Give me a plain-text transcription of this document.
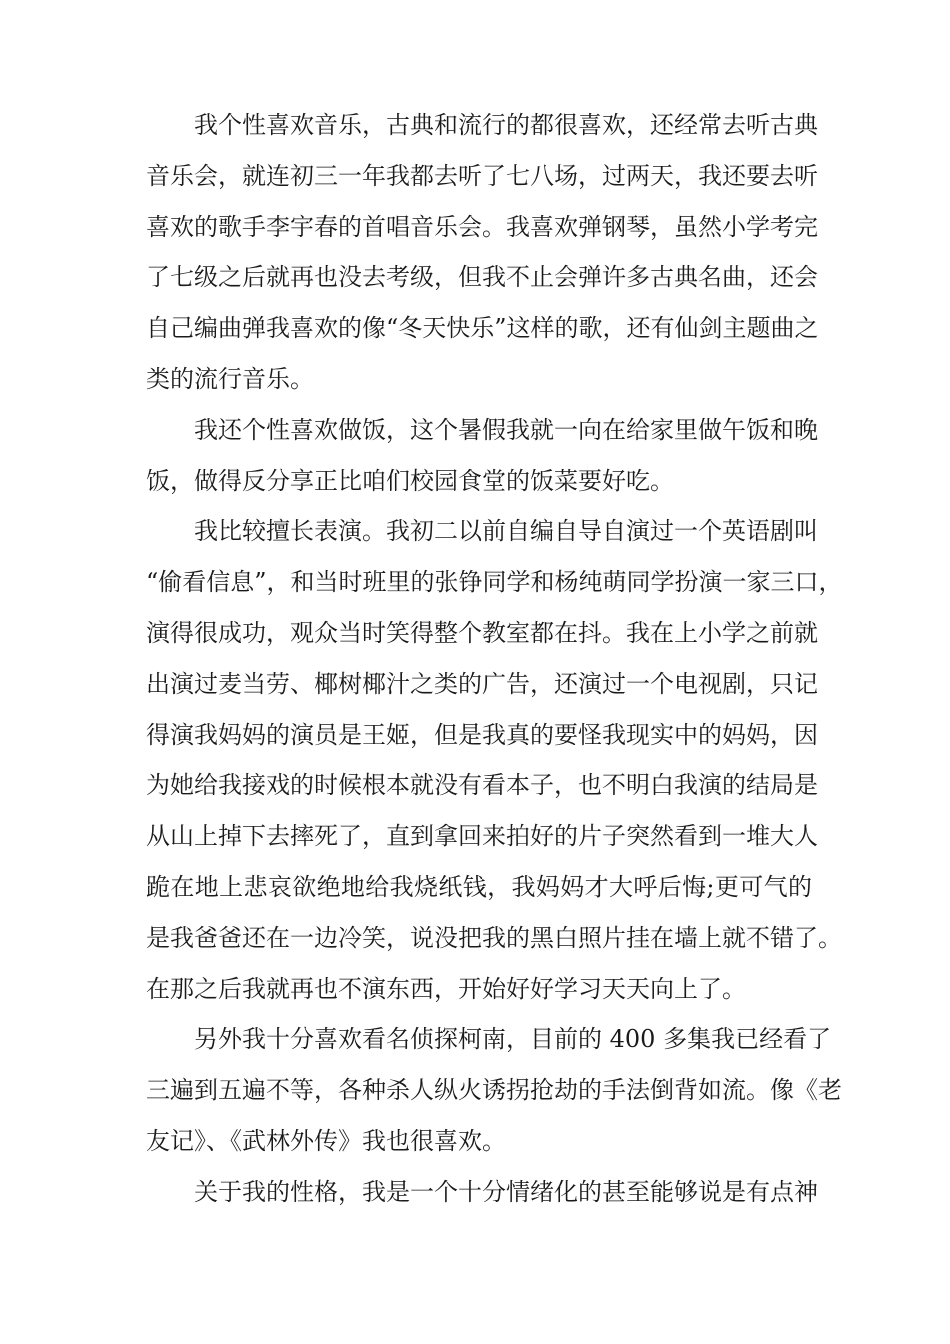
我个性喜欢音乐，古典和流行的都很喜欢，还经常去听古典
音乐会，就连初三一年我都去听了七八场，过两天，我还要去听
喜欢的歌手李宇春的首唱音乐会。我喜欢弹钢琴，虽然小学考完
了七级之后就再也没去考级，但我不止会弹许多古典名曲，还会
自己编曲弹我喜欢的像“冬天快乐”这样的歌，还有仙剑主题曲之
类的流行音乐。
我还个性喜欢做饭，这个暑假我就一向在给家里做午饭和晚
饭，做得反分享正比咱们校园食堂的饭菜要好吃。
我比较擅长表演。我初二以前自编自导自演过一个英语剧叫
“偷看信息”，和当时班里的张铮同学和杨纯萌同学扮演一家三口，
演得很成功，观众当时笑得整个教室都在抖。我在上小学之前就
出演过麦当劳、椰树椰汁之类的广告，还演过一个电视剧，只记
得演我妈妈的演员是王姬，但是我真的要怪我现实中的妈妈，因
为她给我接戏的时候根本就没有看本子，也不明白我演的结局是
从山上掉下去摔死了，直到拿回来拍好的片子突然看到一堆大人
跪在地上悲哀欲绝地给我烧纸钱，我妈妈才大呼后悔;更可气的
是我爸爸还在一边冷笑，说没把我的黑白照片挂在墙上就不错了。
在那之后我就再也不演东西，开始好好学习天天向上了。
另外我十分喜欢看名侦探柯南，目前的 400 多集我已经看了
三遍到五遍不等，各种杀人纵火诱拐抢劫的手法倒背如流。像《老
友记》、《武林外传》我也很喜欢。
关于我的性格，我是一个十分情绪化的甚至能够说是有点神
